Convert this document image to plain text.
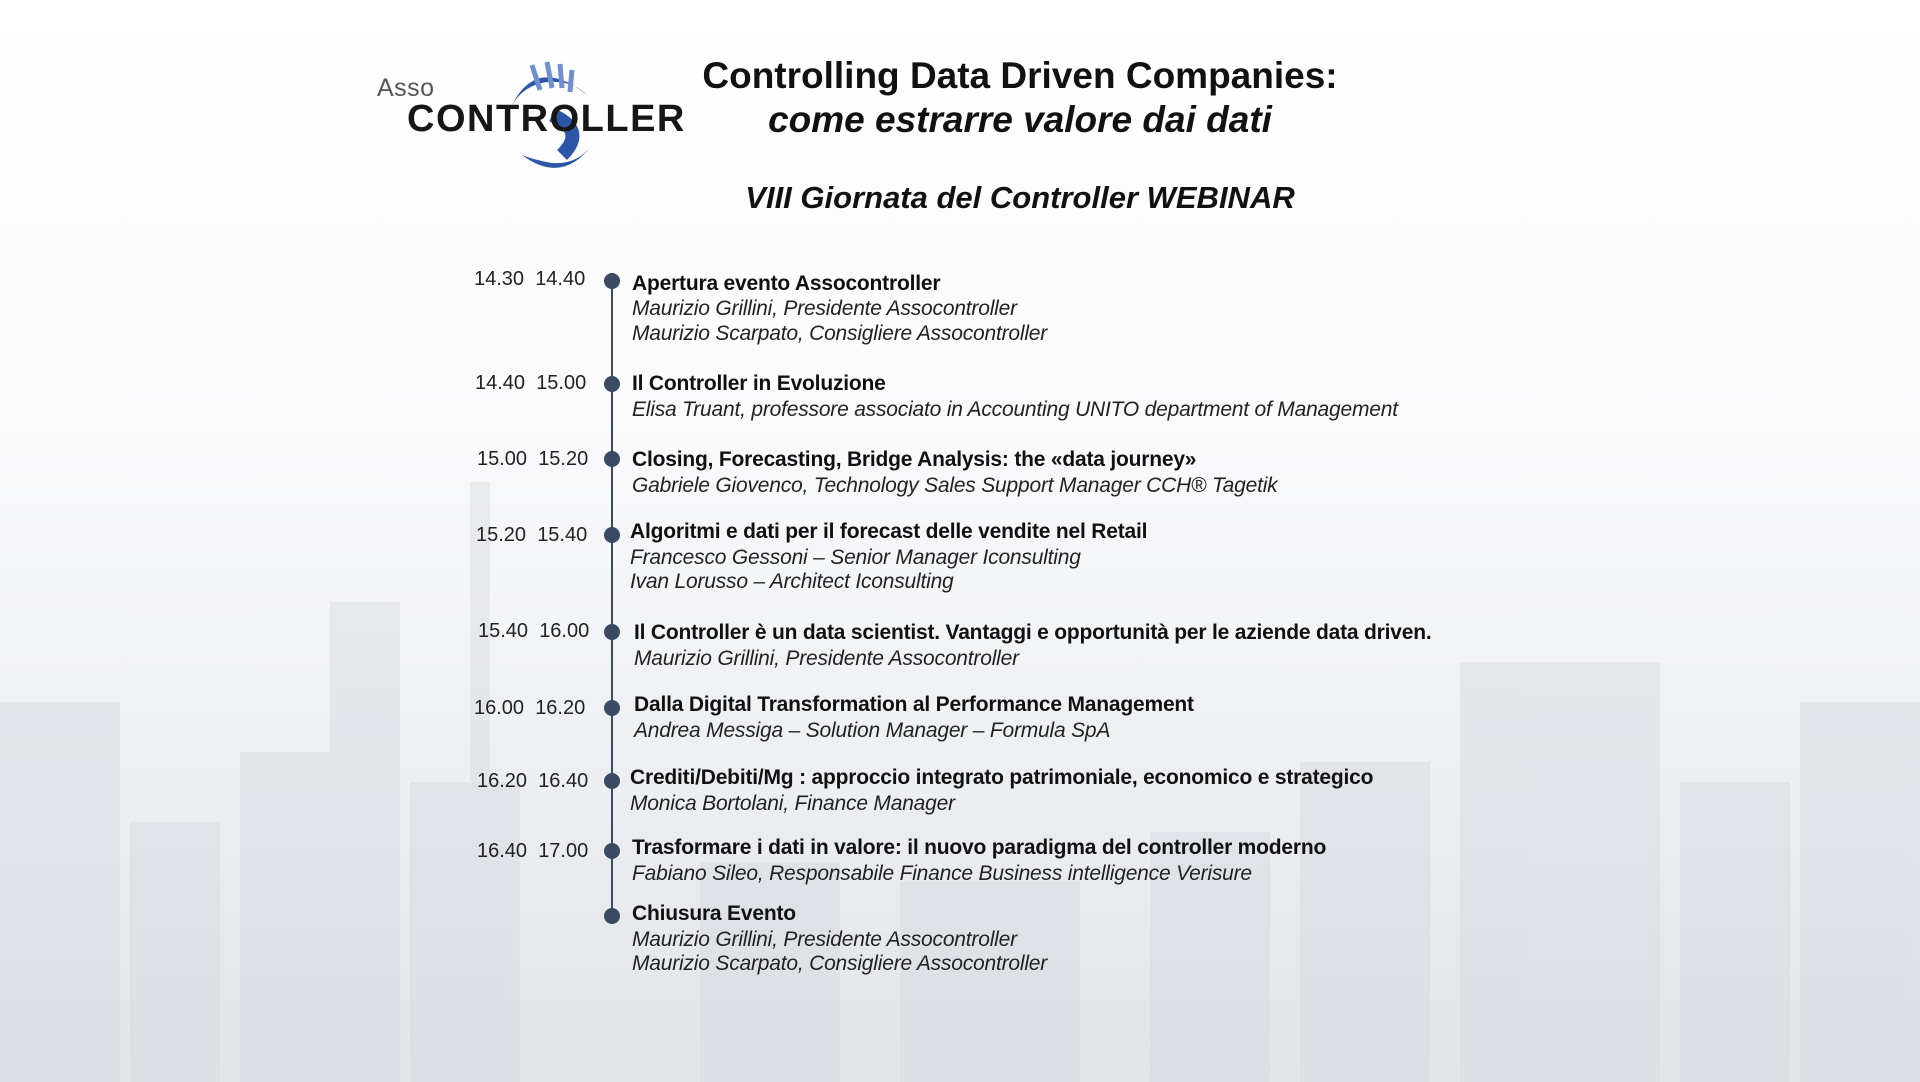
Asso
CONTROLLER
Controlling Data Driven Companies:
come estrarre valore dai dati
VIII Giornata del Controller WEBINAR
14.30 14.40 Apertura evento Assocontroller
Maurizio Grillini, Presidente Assocontroller
Maurizio Scarpato, Consigliere Assocontroller
14.40 15.00 Il Controller in Evoluzione
Elisa Truant, professore associato in Accounting UNITO department of Management
15.00 15.20 Closing, Forecasting, Bridge Analysis: the «data journey»
Gabriele Giovenco, Technology Sales Support Manager CCH® Tagetik
15.20 15.40 Algoritmi e dati per il forecast delle vendite nel Retail
Francesco Gessoni – Senior Manager Iconsulting
Ivan Lorusso – Architect Iconsulting
15.40 16.00 Il Controller è un data scientist. Vantaggi e opportunità per le aziende data driven.
Maurizio Grillini, Presidente Assocontroller
16.00 16.20 Dalla Digital Transformation al Performance Management
Andrea Messiga – Solution Manager – Formula SpA
16.20 16.40 Crediti/Debiti/Mg : approccio integrato patrimoniale, economico e strategico
Monica Bortolani, Finance Manager
16.40 17.00 Trasformare i dati in valore: il nuovo paradigma del controller moderno
Fabiano Sileo, Responsabile Finance Business intelligence Verisure
Chiusura Evento
Maurizio Grillini, Presidente Assocontroller
Maurizio Scarpato, Consigliere Assocontroller
